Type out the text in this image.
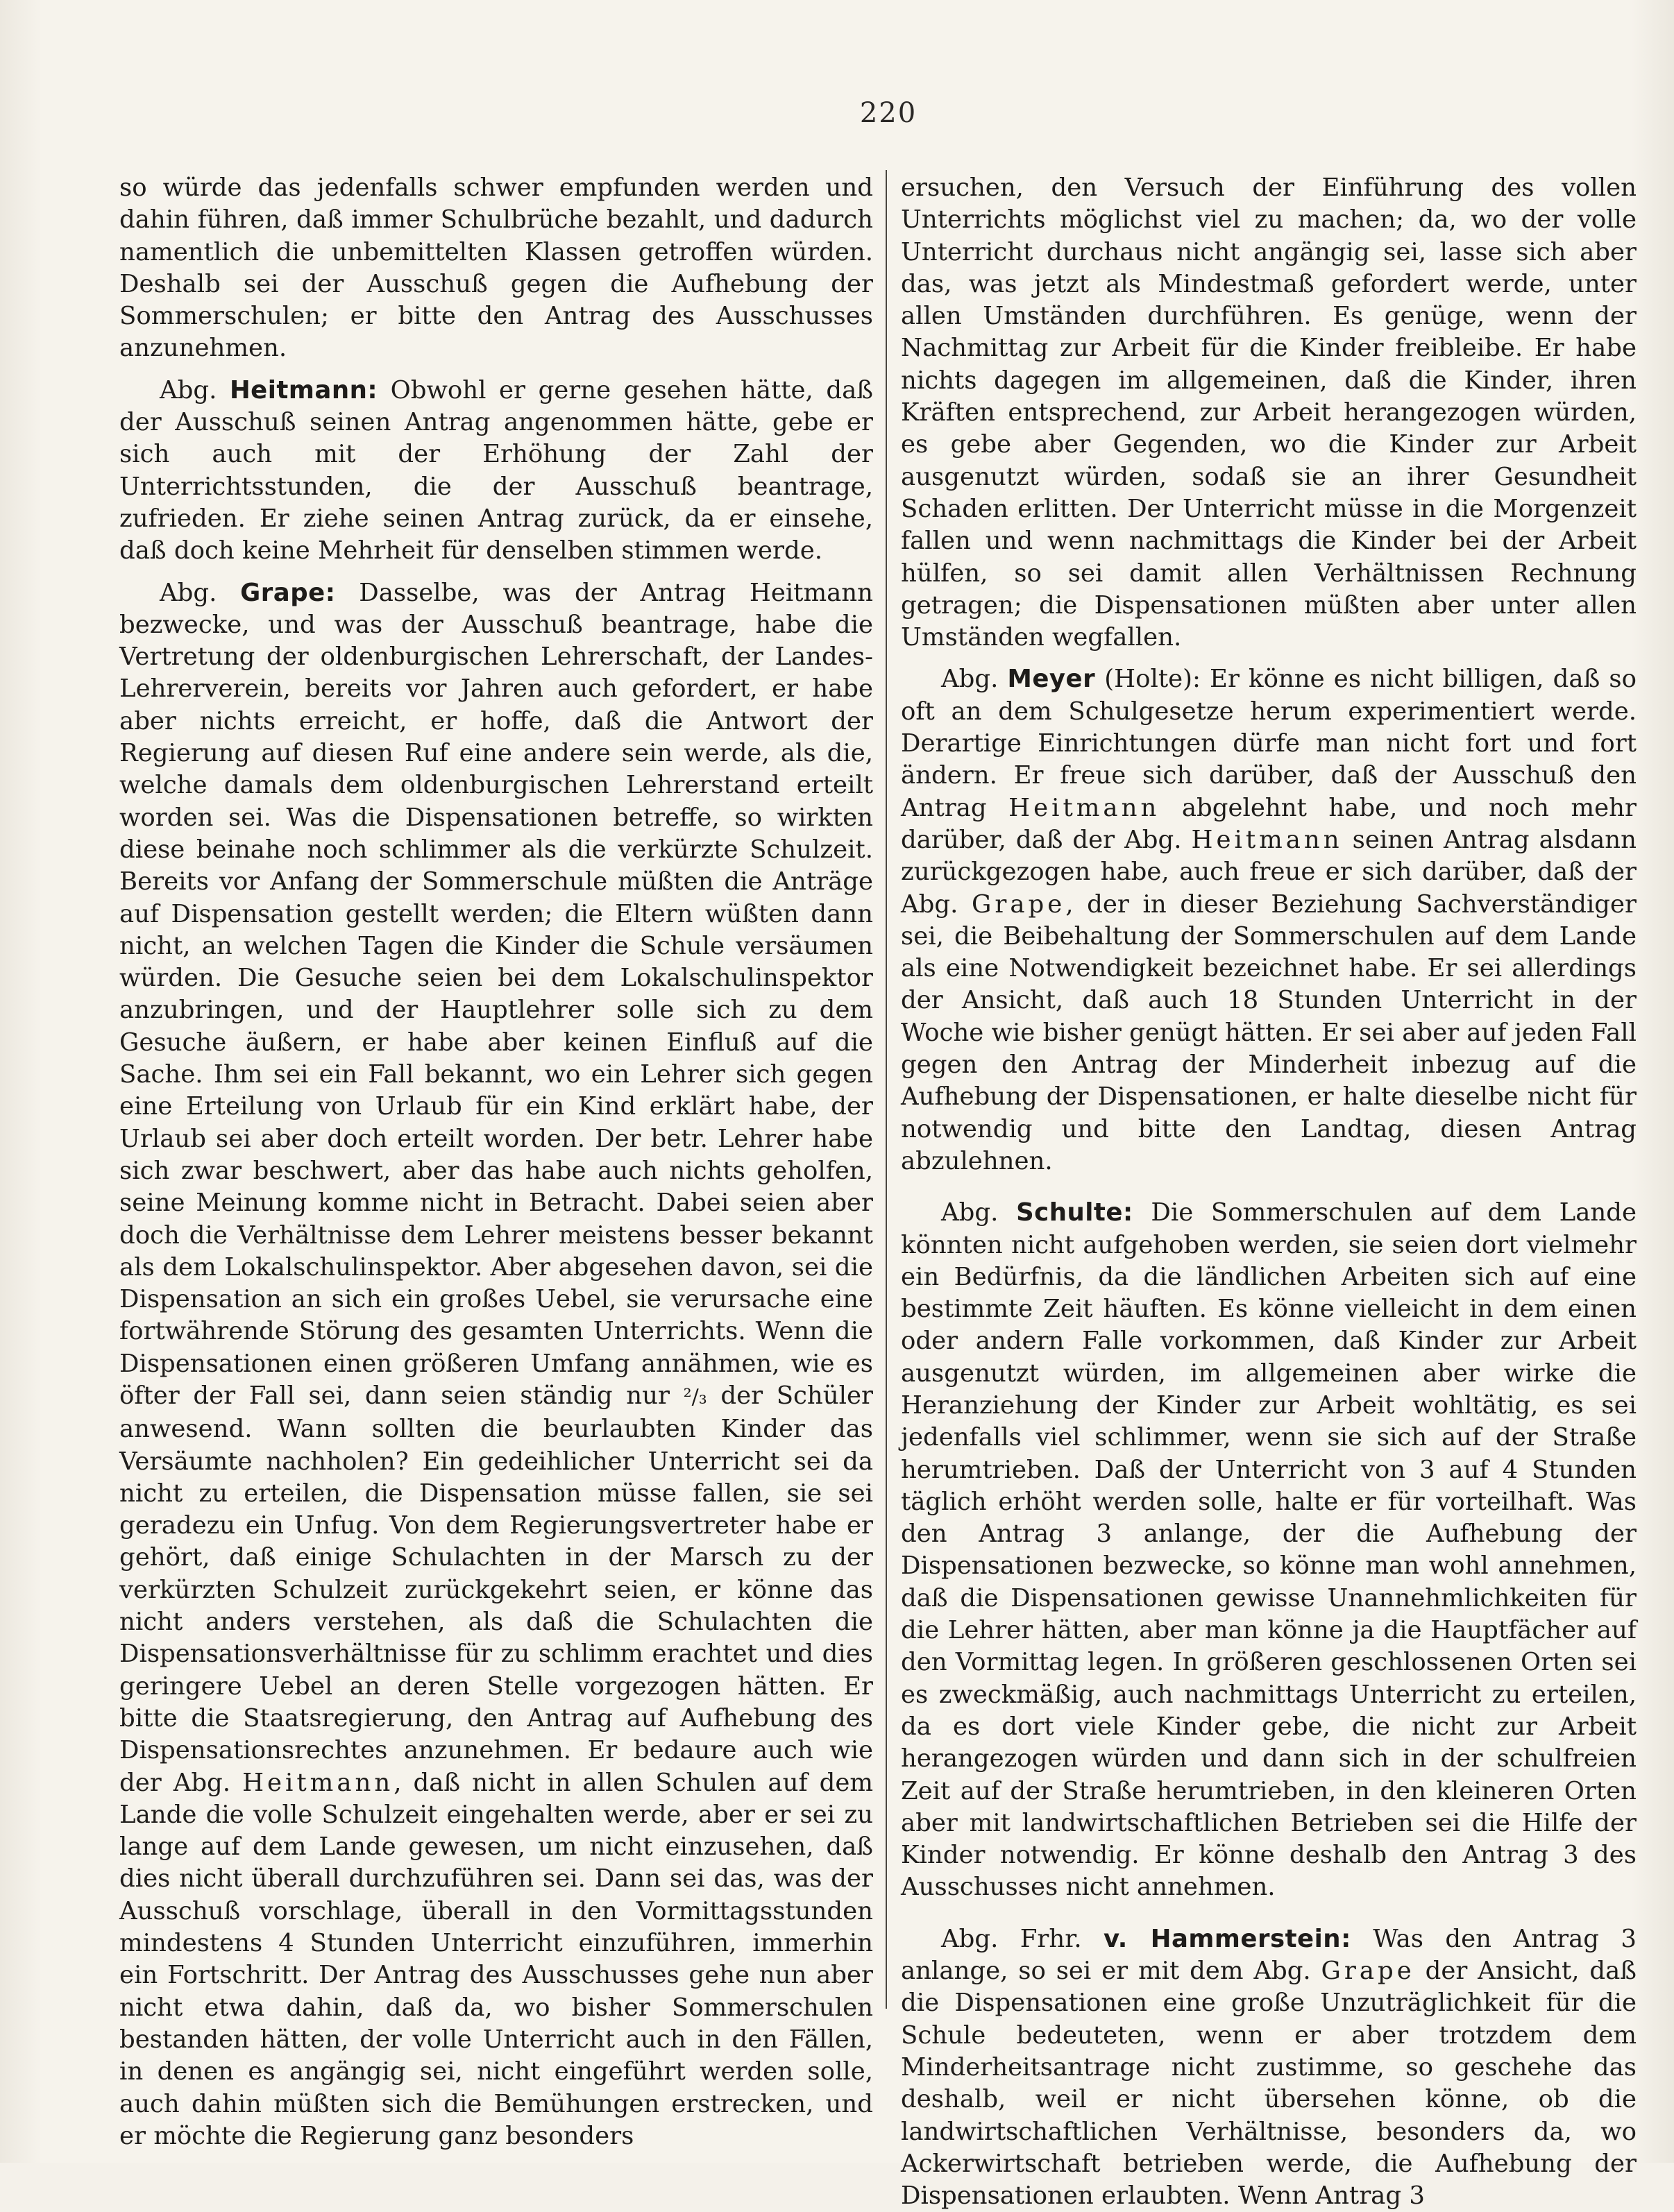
220

so würde das jedenfalls schwer empfunden werden und dahin führen, daß immer Schulbrüche bezahlt, und dadurch namentlich die unbemittelten Klassen getroffen würden. Deshalb sei der Ausschuß gegen die Aufhebung der Sommerschulen; er bitte den Antrag des Ausschusses anzunehmen.

Abg. Heitmann: Obwohl er gerne gesehen hätte, daß der Ausschuß seinen Antrag angenommen hätte, gebe er sich auch mit der Erhöhung der Zahl der Unterrichtsstunden, die der Ausschuß beantrage, zufrieden. Er ziehe seinen Antrag zurück, da er einsehe, daß doch keine Mehrheit für denselben stimmen werde.

Abg. Grape: Dasselbe, was der Antrag Heitmann bezwecke, und was der Ausschuß beantrage, habe die Vertretung der oldenburgischen Lehrerschaft, der Landes-Lehrerverein, bereits vor Jahren auch gefordert, er habe aber nichts erreicht, er hoffe, daß die Antwort der Regierung auf diesen Ruf eine andere sein werde, als die, welche damals dem oldenburgischen Lehrerstand erteilt worden sei. Was die Dispensationen betreffe, so wirkten diese beinahe noch schlimmer als die verkürzte Schulzeit. Bereits vor Anfang der Sommerschule müßten die Anträge auf Dispensation gestellt werden; die Eltern wüßten dann nicht, an welchen Tagen die Kinder die Schule versäumen würden. Die Gesuche seien bei dem Lokalschulinspektor anzubringen, und der Hauptlehrer solle sich zu dem Gesuche äußern, er habe aber keinen Einfluß auf die Sache. Ihm sei ein Fall bekannt, wo ein Lehrer sich gegen eine Erteilung von Urlaub für ein Kind erklärt habe, der Urlaub sei aber doch erteilt worden. Der betr. Lehrer habe sich zwar beschwert, aber das habe auch nichts geholfen, seine Meinung komme nicht in Betracht. Dabei seien aber doch die Verhältnisse dem Lehrer meistens besser bekannt als dem Lokalschulinspektor. Aber abgesehen davon, sei die Dispensation an sich ein großes Uebel, sie verursache eine fortwährende Störung des gesamten Unterrichts. Wenn die Dispensationen einen größeren Umfang annähmen, wie es öfter der Fall sei, dann seien ständig nur ²/₃ der Schüler anwesend. Wann sollten die beurlaubten Kinder das Versäumte nachholen? Ein gedeihlicher Unterricht sei da nicht zu erteilen, die Dispensation müsse fallen, sie sei geradezu ein Unfug. Von dem Regierungsvertreter habe er gehört, daß einige Schulachten in der Marsch zu der verkürzten Schulzeit zurückgekehrt seien, er könne das nicht anders verstehen, als daß die Schulachten die Dispensationsverhältnisse für zu schlimm erachtet und dies geringere Uebel an deren Stelle vorgezogen hätten. Er bitte die Staatsregierung, den Antrag auf Aufhebung des Dispensationsrechtes anzunehmen. Er bedaure auch wie der Abg. Heitmann, daß nicht in allen Schulen auf dem Lande die volle Schulzeit eingehalten werde, aber er sei zu lange auf dem Lande gewesen, um nicht einzusehen, daß dies nicht überall durchzuführen sei. Dann sei das, was der Ausschuß vorschlage, überall in den Vormittagsstunden mindestens 4 Stunden Unterricht einzuführen, immerhin ein Fortschritt. Der Antrag des Ausschusses gehe nun aber nicht etwa dahin, daß da, wo bisher Sommerschulen bestanden hätten, der volle Unterricht auch in den Fällen, in denen es angängig sei, nicht eingeführt werden solle, auch dahin müßten sich die Bemühungen erstrecken, und er möchte die Regierung ganz besonders

ersuchen, den Versuch der Einführung des vollen Unterrichts möglichst viel zu machen; da, wo der volle Unterricht durchaus nicht angängig sei, lasse sich aber das, was jetzt als Mindestmaß gefordert werde, unter allen Umständen durchführen. Es genüge, wenn der Nachmittag zur Arbeit für die Kinder freibleibe. Er habe nichts dagegen im allgemeinen, daß die Kinder, ihren Kräften entsprechend, zur Arbeit herangezogen würden, es gebe aber Gegenden, wo die Kinder zur Arbeit ausgenutzt würden, sodaß sie an ihrer Gesundheit Schaden erlitten. Der Unterricht müsse in die Morgenzeit fallen und wenn nachmittags die Kinder bei der Arbeit hülfen, so sei damit allen Verhältnissen Rechnung getragen; die Dispensationen müßten aber unter allen Umständen wegfallen.

Abg. Meyer (Holte): Er könne es nicht billigen, daß so oft an dem Schulgesetze herum experimentiert werde. Derartige Einrichtungen dürfe man nicht fort und fort ändern. Er freue sich darüber, daß der Ausschuß den Antrag Heitmann abgelehnt habe, und noch mehr darüber, daß der Abg. Heitmann seinen Antrag alsdann zurückgezogen habe, auch freue er sich darüber, daß der Abg. Grape, der in dieser Beziehung Sachverständiger sei, die Beibehaltung der Sommerschulen auf dem Lande als eine Notwendigkeit bezeichnet habe. Er sei allerdings der Ansicht, daß auch 18 Stunden Unterricht in der Woche wie bisher genügt hätten. Er sei aber auf jeden Fall gegen den Antrag der Minderheit inbezug auf die Aufhebung der Dispensationen, er halte dieselbe nicht für notwendig und bitte den Landtag, diesen Antrag abzulehnen.

Abg. Schulte: Die Sommerschulen auf dem Lande könnten nicht aufgehoben werden, sie seien dort vielmehr ein Bedürfnis, da die ländlichen Arbeiten sich auf eine bestimmte Zeit häuften. Es könne vielleicht in dem einen oder andern Falle vorkommen, daß Kinder zur Arbeit ausgenutzt würden, im allgemeinen aber wirke die Heranziehung der Kinder zur Arbeit wohltätig, es sei jedenfalls viel schlimmer, wenn sie sich auf der Straße herumtrieben. Daß der Unterricht von 3 auf 4 Stunden täglich erhöht werden solle, halte er für vorteilhaft. Was den Antrag 3 anlange, der die Aufhebung der Dispensationen bezwecke, so könne man wohl annehmen, daß die Dispensationen gewisse Unannehmlichkeiten für die Lehrer hätten, aber man könne ja die Hauptfächer auf den Vormittag legen. In größeren geschlossenen Orten sei es zweckmäßig, auch nachmittags Unterricht zu erteilen, da es dort viele Kinder gebe, die nicht zur Arbeit herangezogen würden und dann sich in der schulfreien Zeit auf der Straße herumtrieben, in den kleineren Orten aber mit landwirtschaftlichen Betrieben sei die Hilfe der Kinder notwendig. Er könne deshalb den Antrag 3 des Ausschusses nicht annehmen.

Abg. Frhr. v. Hammerstein: Was den Antrag 3 anlange, so sei er mit dem Abg. Grape der Ansicht, daß die Dispensationen eine große Unzuträglichkeit für die Schule bedeuteten, wenn er aber trotzdem dem Minderheitsantrage nicht zustimme, so geschehe das deshalb, weil er nicht übersehen könne, ob die landwirtschaftlichen Verhältnisse, besonders da, wo Ackerwirtschaft betrieben werde, die Aufhebung der Dispensationen erlaubten. Wenn Antrag 3
